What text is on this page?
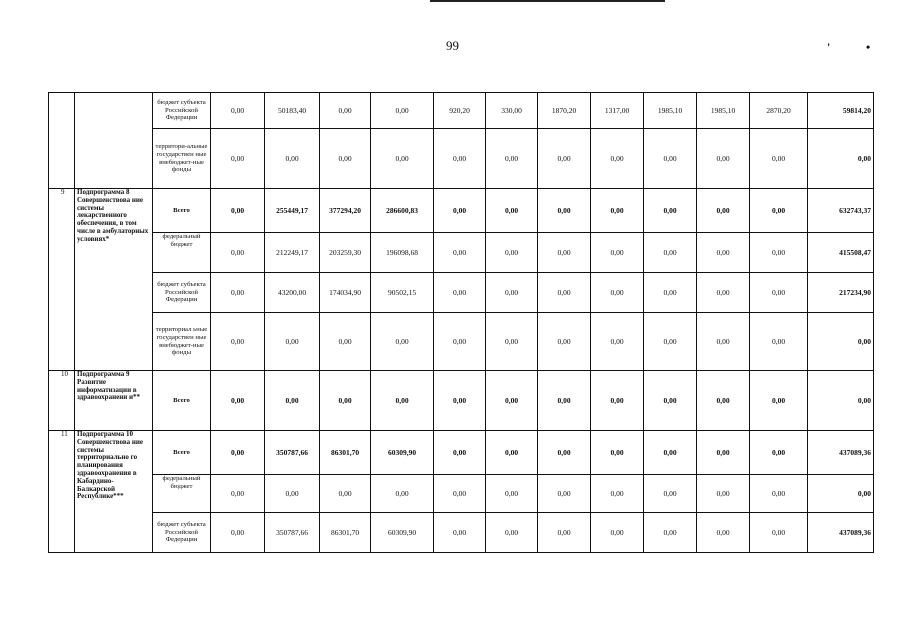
99	'	•
		бюджет субъекта Российской Федерации	0,00	50183,40	0,00	0,00	920,20	330,00	1870,20	1317,00	1985,10	1985,10	2870,20	59814,20
		территори-альные государствен ные внебюджет-ные фонды	0,00	0,00	0,00	0,00	0,00	0,00	0,00	0,00	0,00	0,00	0,00	0,00
9	Подпрограмма 8 Совершенствова ние системы лекарственного обеспечения, в том числе в амбулаторных условиях*	Всего	0,00	255449,17	377294,20	286600,83	0,00	0,00	0,00	0,00	0,00	0,00	0,00	632743,37
		федеральный бюджет	0,00	212249,17	203259,30	196098,68	0,00	0,00	0,00	0,00	0,00	0,00	0,00	415508,47
		бюджет субъекта Российской Федерации	0,00	43200,00	174034,90	90502,15	0,00	0,00	0,00	0,00	0,00	0,00	0,00	217234,90
		территориал ьные государствен ные внебюджет-ные фонды	0,00	0,00	0,00	0,00	0,00	0,00	0,00	0,00	0,00	0,00	0,00	0,00
10	Подпрограмма 9 Развитие информатизации в здравоохранени и**	Всего	0,00	0,00	0,00	0,00	0,00	0,00	0,00	0,00	0,00	0,00	0,00	0,00
11	Подпрограмма 10 Совершенствова ние системы территориально го планирования здравоохранения в Кабардино-Балкарской Республике***	Всего	0,00	350787,66	86301,70	60309,90	0,00	0,00	0,00	0,00	0,00	0,00	0,00	437089,36
		федеральный бюджет	0,00	0,00	0,00	0,00	0,00	0,00	0,00	0,00	0,00	0,00	0,00	0,00
		бюджет субъекта Российской Федерации	0,00	350787,66	86301,70	60309,90	0,00	0,00	0,00	0,00	0,00	0,00	0,00	437089,36
